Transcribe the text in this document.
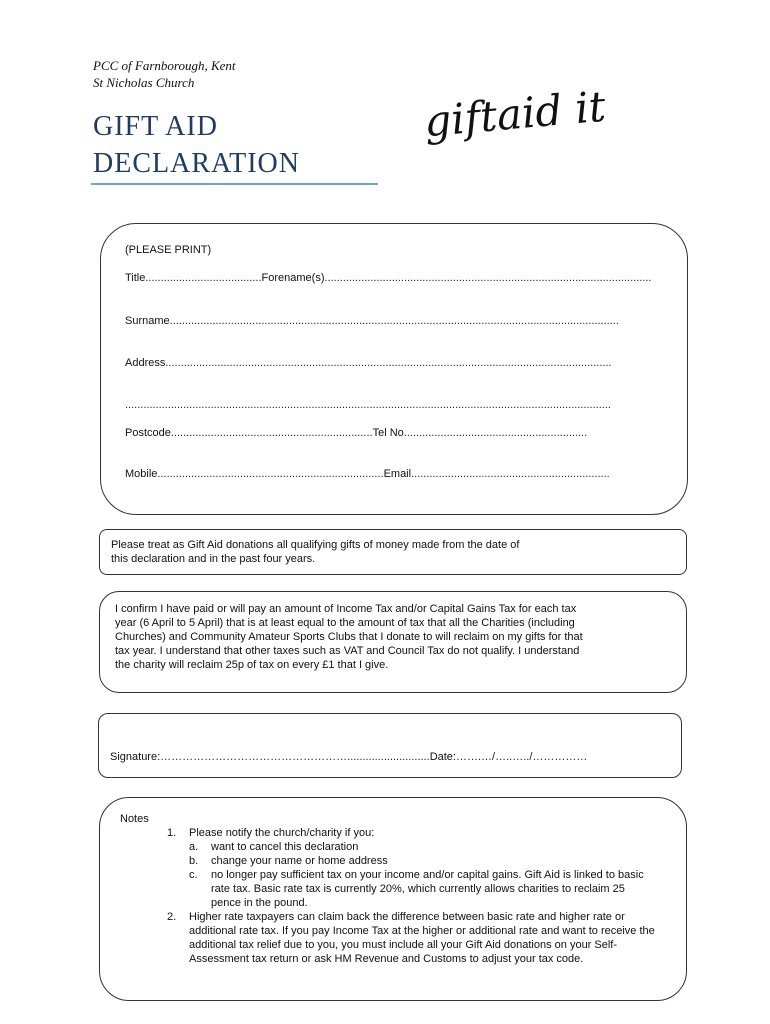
PCC of Farnborough, Kent
St Nicholas Church
GIFT AID
DECLARATION
giftaid it
(PLEASE PRINT)
Title......................................Forename(s)...........................................................................................................
Surname...................................................................................................................................................
Address..................................................................................................................................................
...............................................................................................................................................................
Postcode..................................................................Tel No............................................................
Mobile..........................................................................Email.................................................................
Please treat as Gift Aid donations all qualifying gifts of money made from the date of
this declaration and in the past four years.
I confirm I have paid or will pay an amount of Income Tax and/or Capital Gains Tax for each tax
year (6 April to 5 April) that is at least equal to the amount of tax that all the Charities (including
Churches) and Community Amateur Sports Clubs that I donate to will reclaim on my gifts for that
tax year. I understand that other taxes such as VAT and Council Tax do not qualify. I understand
the charity will reclaim 25p of tax on every £1 that I give.
Signature:……………………………………………...........................Date:…….…/…..…../……………
Notes
1. Please notify the church/charity if you:
a. want to cancel this declaration
b. change your name or home address
c. no longer pay sufficient tax on your income and/or capital gains. Gift Aid is linked to basic rate tax. Basic rate tax is currently 20%, which currently allows charities to reclaim 25 pence in the pound.
2. Higher rate taxpayers can claim back the difference between basic rate and higher rate or additional rate tax. If you pay Income Tax at the higher or additional rate and want to receive the additional tax relief due to you, you must include all your Gift Aid donations on your Self-Assessment tax return or ask HM Revenue and Customs to adjust your tax code.
